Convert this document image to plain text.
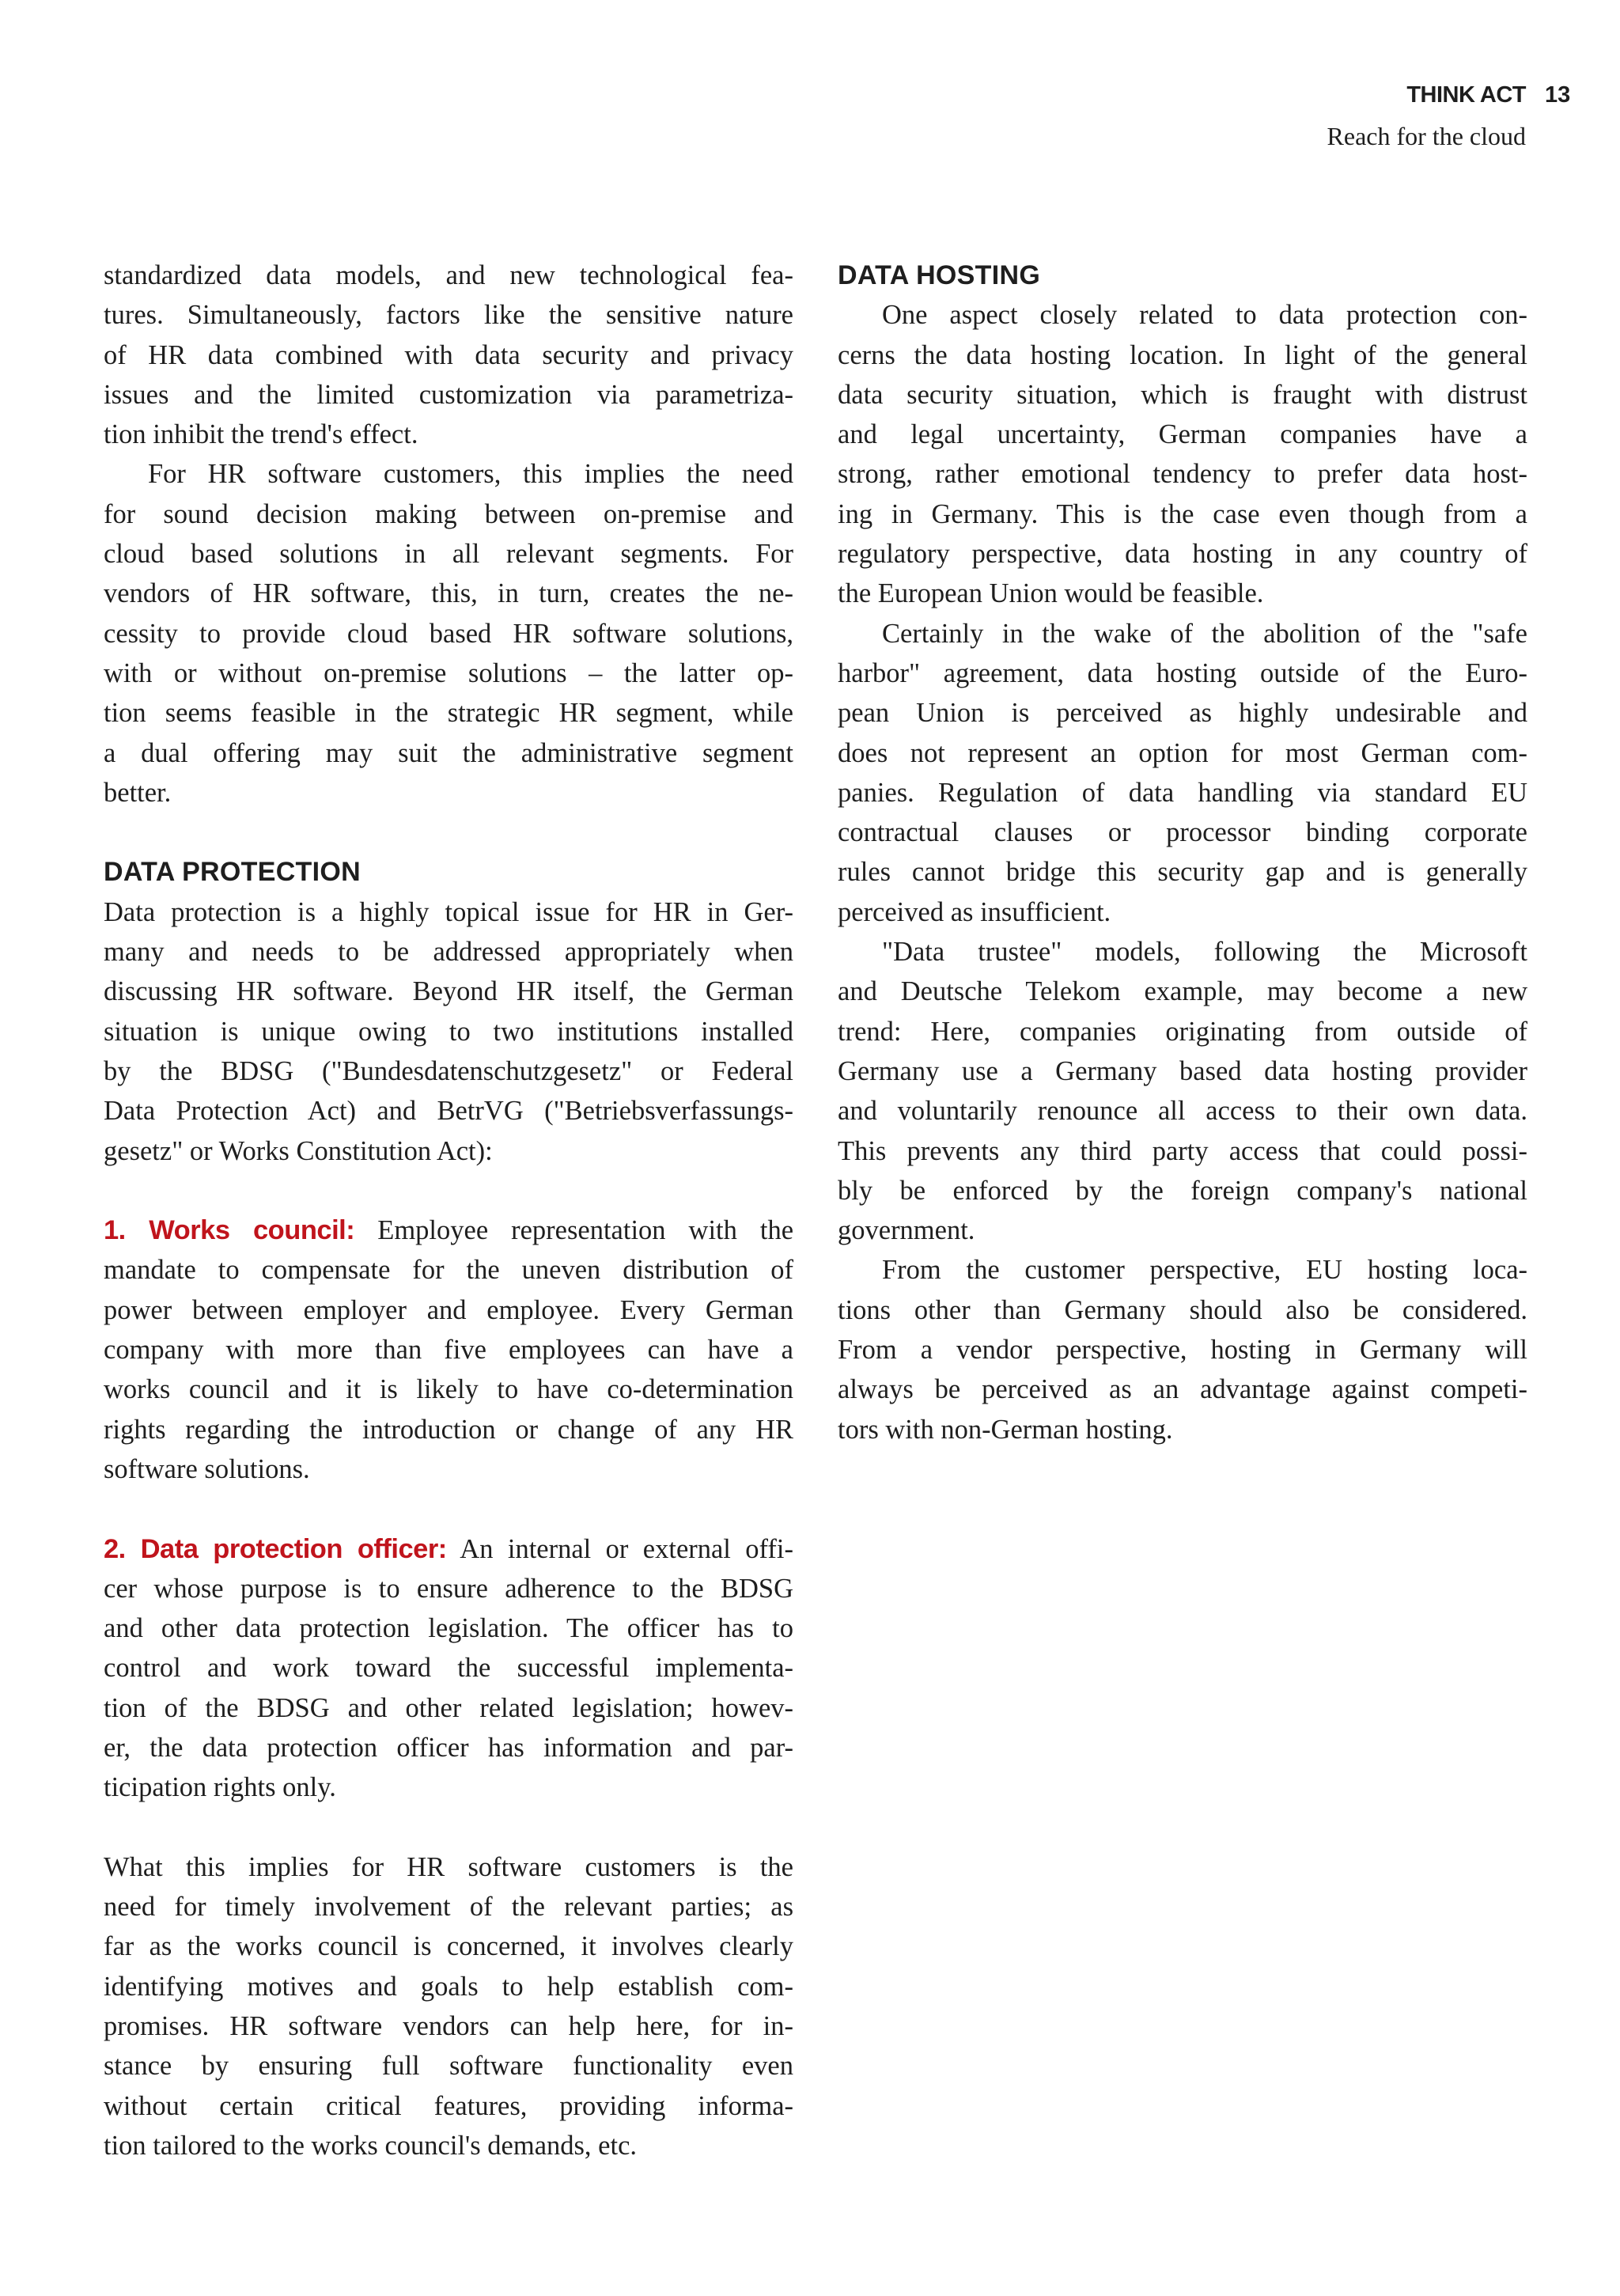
THINK ACT 13
Reach for the cloud
standardized data models, and new technological fea-
tures. Simultaneously, factors like the sensitive nature
of HR data combined with data security and privacy
issues and the limited customization via parametriza-
tion inhibit the trend's effect.
For HR software customers, this implies the need
for sound decision making between on-premise and
cloud based solutions in all relevant segments. For
vendors of HR software, this, in turn, creates the ne-
cessity to provide cloud based HR software solutions,
with or without on-premise solutions – the latter op-
tion seems feasible in the strategic HR segment, while
a dual offering may suit the administrative segment
better.
DATA PROTECTION
Data protection is a highly topical issue for HR in Ger-
many and needs to be addressed appropriately when
discussing HR software. Beyond HR itself, the German
situation is unique owing to two institutions installed
by the BDSG ("Bundesdatenschutzgesetz" or Federal
Data Protection Act) and BetrVG ("Betriebsverfassungs-
gesetz" or Works Constitution Act):
1. Works council: Employee representation with the
mandate to compensate for the uneven distribution of
power between employer and employee. Every German
company with more than five employees can have a
works council and it is likely to have co-determination
rights regarding the introduction or change of any HR
software solutions.
2. Data protection officer: An internal or external offi-
cer whose purpose is to ensure adherence to the BDSG
and other data protection legislation. The officer has to
control and work toward the successful implementa-
tion of the BDSG and other related legislation; howev-
er, the data protection officer has information and par-
ticipation rights only.
What this implies for HR software customers is the
need for timely involvement of the relevant parties; as
far as the works council is concerned, it involves clearly
identifying motives and goals to help establish com-
promises. HR software vendors can help here, for in-
stance by ensuring full software functionality even
without certain critical features, providing informa-
tion tailored to the works council's demands, etc.
DATA HOSTING
One aspect closely related to data protection con-
cerns the data hosting location. In light of the general
data security situation, which is fraught with distrust
and legal uncertainty, German companies have a
strong, rather emotional tendency to prefer data host-
ing in Germany. This is the case even though from a
regulatory perspective, data hosting in any country of
the European Union would be feasible.
Certainly in the wake of the abolition of the "safe
harbor" agreement, data hosting outside of the Euro-
pean Union is perceived as highly undesirable and
does not represent an option for most German com-
panies. Regulation of data handling via standard EU
contractual clauses or processor binding corporate
rules cannot bridge this security gap and is generally
perceived as insufficient.
"Data trustee" models, following the Microsoft
and Deutsche Telekom example, may become a new
trend: Here, companies originating from outside of
Germany use a Germany based data hosting provider
and voluntarily renounce all access to their own data.
This prevents any third party access that could possi-
bly be enforced by the foreign company's national
government.
From the customer perspective, EU hosting loca-
tions other than Germany should also be considered.
From a vendor perspective, hosting in Germany will
always be perceived as an advantage against competi-
tors with non-German hosting.
